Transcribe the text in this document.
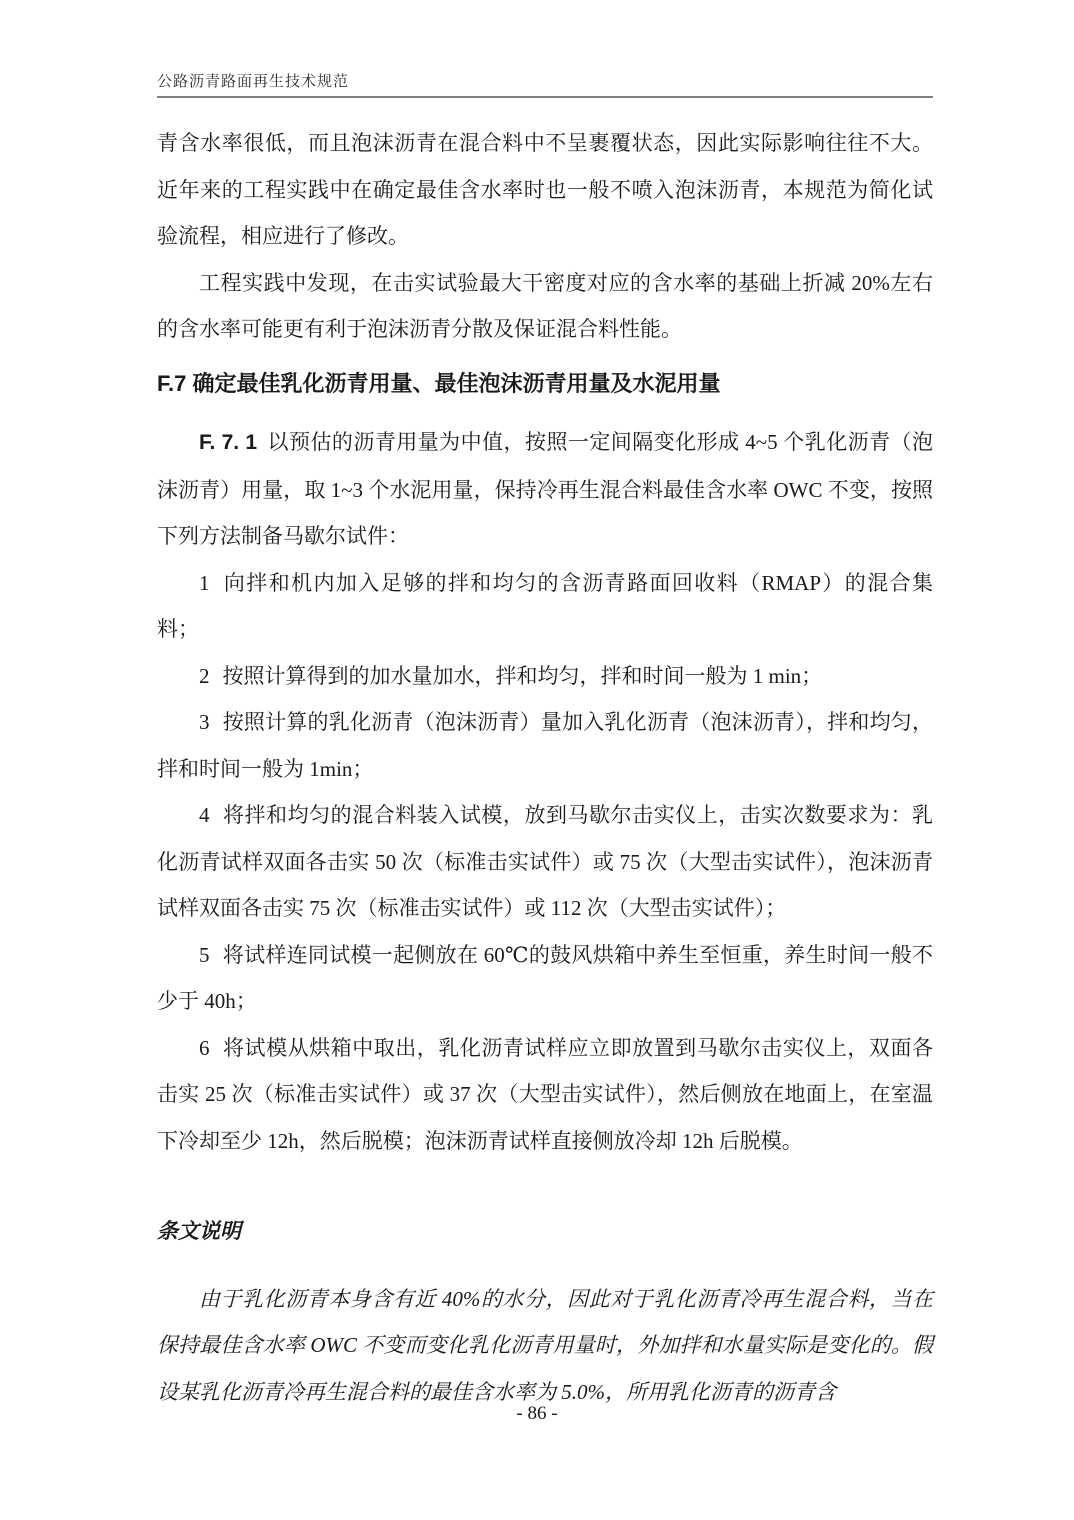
公路沥青路面再生技术规范

青含水率很低，而且泡沫沥青在混合料中不呈裹覆状态，因此实际影响往往不大。近年来的工程实践中在确定最佳含水率时也一般不喷入泡沫沥青，本规范为简化试验流程，相应进行了修改。

工程实践中发现，在击实试验最大干密度对应的含水率的基础上折减 20%左右的含水率可能更有利于泡沫沥青分散及保证混合料性能。

F.7 确定最佳乳化沥青用量、最佳泡沫沥青用量及水泥用量

F. 7. 1 以预估的沥青用量为中值，按照一定间隔变化形成 4~5 个乳化沥青（泡沫沥青）用量，取 1~3 个水泥用量，保持冷再生混合料最佳含水率 OWC 不变，按照下列方法制备马歇尔试件：

1 向拌和机内加入足够的拌和均匀的含沥青路面回收料（RMAP）的混合集料；

2 按照计算得到的加水量加水，拌和均匀，拌和时间一般为 1 min；

3 按照计算的乳化沥青（泡沫沥青）量加入乳化沥青（泡沫沥青），拌和均匀，拌和时间一般为 1min；

4 将拌和均匀的混合料装入试模，放到马歇尔击实仪上，击实次数要求为：乳化沥青试样双面各击实 50 次（标准击实试件）或 75 次（大型击实试件），泡沫沥青试样双面各击实 75 次（标准击实试件）或 112 次（大型击实试件）；

5 将试样连同试模一起侧放在 60℃的鼓风烘箱中养生至恒重，养生时间一般不少于 40h；

6 将试模从烘箱中取出，乳化沥青试样应立即放置到马歇尔击实仪上，双面各击实 25 次（标准击实试件）或 37 次（大型击实试件），然后侧放在地面上，在室温下冷却至少 12h，然后脱模；泡沫沥青试样直接侧放冷却 12h 后脱模。

条文说明

由于乳化沥青本身含有近 40%的水分，因此对于乳化沥青冷再生混合料，当在保持最佳含水率 OWC 不变而变化乳化沥青用量时，外加拌和水量实际是变化的。假设某乳化沥青冷再生混合料的最佳含水率为 5.0%，所用乳化沥青的沥青含

- 86 -
